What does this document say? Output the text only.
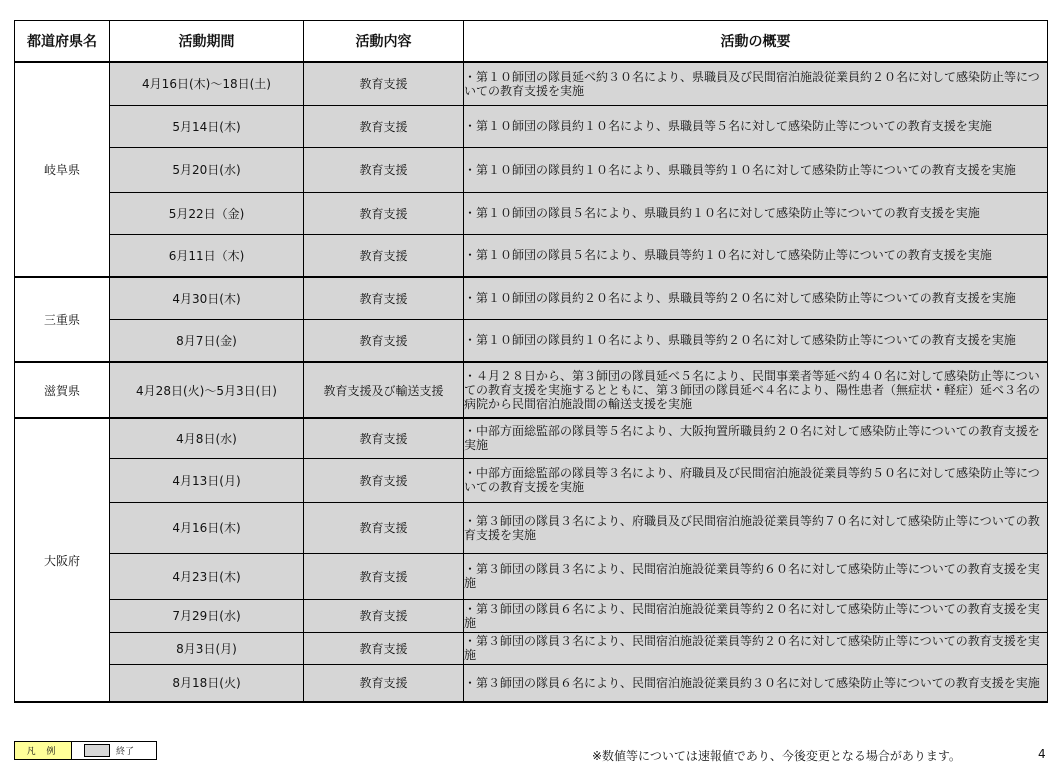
都道府県名	活動期間	活動内容	活動の概要
岐阜県	4月16日(木)～18日(土)	教育支援	・第１０師団の隊員延べ約３０名により、県職員及び民間宿泊施設従業員約２０名に対して感染防止等についての教育支援を実施
	5月14日(木)	教育支援	・第１０師団の隊員約１０名により、県職員等５名に対して感染防止等についての教育支援を実施
	5月20日(水)	教育支援	・第１０師団の隊員約１０名により、県職員等約１０名に対して感染防止等についての教育支援を実施
	5月22日（金)	教育支援	・第１０師団の隊員５名により、県職員約１０名に対して感染防止等についての教育支援を実施
	6月11日（木)	教育支援	・第１０師団の隊員５名により、県職員等約１０名に対して感染防止等についての教育支援を実施
三重県	4月30日(木)	教育支援	・第１０師団の隊員約２０名により、県職員等約２０名に対して感染防止等についての教育支援を実施
	8月7日(金)	教育支援	・第１０師団の隊員約１０名により、県職員等約２０名に対して感染防止等についての教育支援を実施
滋賀県	4月28日(火)～5月3日(日)	教育支援及び輸送支援	・４月２８日から、第３師団の隊員延べ５名により、民間事業者等延べ約４０名に対して感染防止等についての教育支援を実施するとともに、第３師団の隊員延べ４名により、陽性患者（無症状・軽症）延べ３名の病院から民間宿泊施設間の輸送支援を実施
大阪府	4月8日(水)	教育支援	・中部方面総監部の隊員等５名により、大阪拘置所職員約２０名に対して感染防止等についての教育支援を実施
	4月13日(月)	教育支援	・中部方面総監部の隊員等３名により、府職員及び民間宿泊施設従業員等約５０名に対して感染防止等についての教育支援を実施
	4月16日(木)	教育支援	・第３師団の隊員３名により、府職員及び民間宿泊施設従業員等約７０名に対して感染防止等についての教育支援を実施
	4月23日(木)	教育支援	・第３師団の隊員３名により、民間宿泊施設従業員等約６０名に対して感染防止等についての教育支援を実施
	7月29日(水)	教育支援	・第３師団の隊員６名により、民間宿泊施設従業員等約２０名に対して感染防止等についての教育支援を実施
	8月3日(月)	教育支援	・第３師団の隊員３名により、民間宿泊施設従業員等約２０名に対して感染防止等についての教育支援を実施
	8月18日(火)	教育支援	・第３師団の隊員６名により、民間宿泊施設従業員約３０名に対して感染防止等についての教育支援を実施
凡 例	終了	※数値等については速報値であり、今後変更となる場合があります。	4
